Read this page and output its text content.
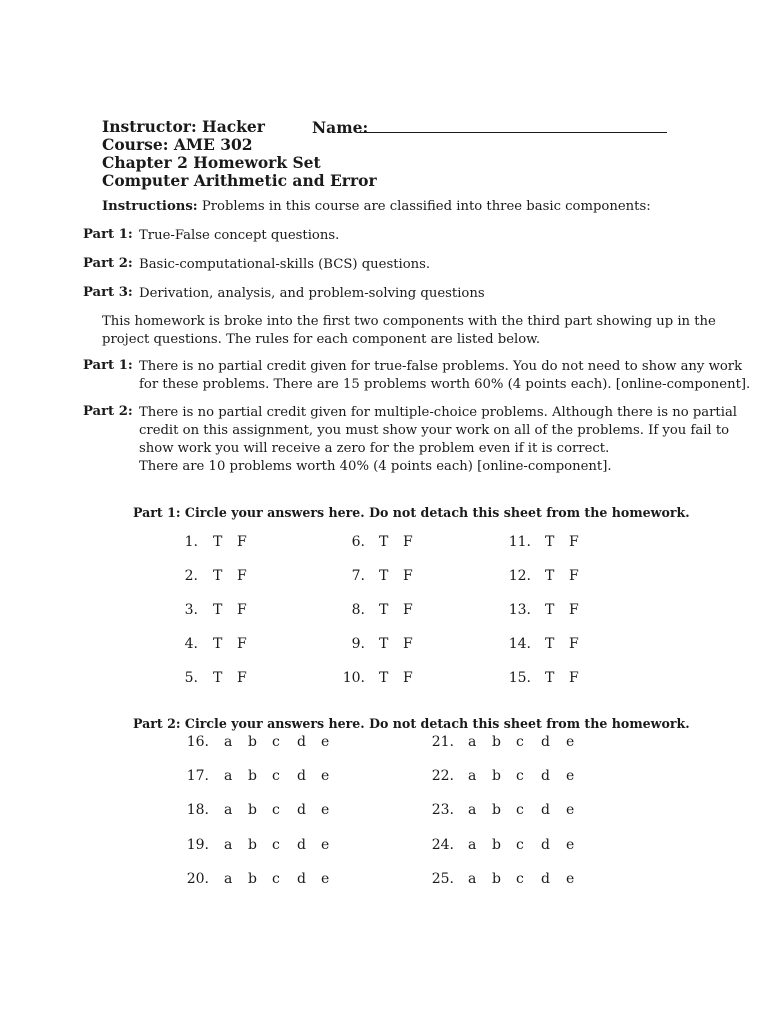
Instructor: Hacker
Course: AME 302
Chapter 2 Homework Set
Computer Arithmetic and Error
Name:
Instructions: Problems in this course are classified into three basic components:
Part 1: True-False concept questions.
Part 2: Basic-computational-skills (BCS) questions.
Part 3: Derivation, analysis, and problem-solving questions
This homework is broke into the first two components with the third part showing up in the
project questions. The rules for each component are listed below.
Part 1: There is no partial credit given for true-false problems. You do not need to show any work
for these problems. There are 15 problems worth 60% (4 points each). [online-component].
Part 2: There is no partial credit given for multiple-choice problems. Although there is no partial
credit on this assignment, you must show your work on all of the problems. If you fail to
show work you will receive a zero for the problem even if it is correct.
There are 10 problems worth 40% (4 points each) [online-component].
Part 1: Circle your answers here. Do not detach this sheet from the homework.
1. T F
2. T F
3. T F
4. T F
5. T F
6. T F
7. T F
8. T F
9. T F
10. T F
11. T F
12. T F
13. T F
14. T F
15. T F
Part 2: Circle your answers here. Do not detach this sheet from the homework.
16. a b c d e
17. a b c d e
18. a b c d e
19. a b c d e
20. a b c d e
21. a b c d e
22. a b c d e
23. a b c d e
24. a b c d e
25. a b c d e
